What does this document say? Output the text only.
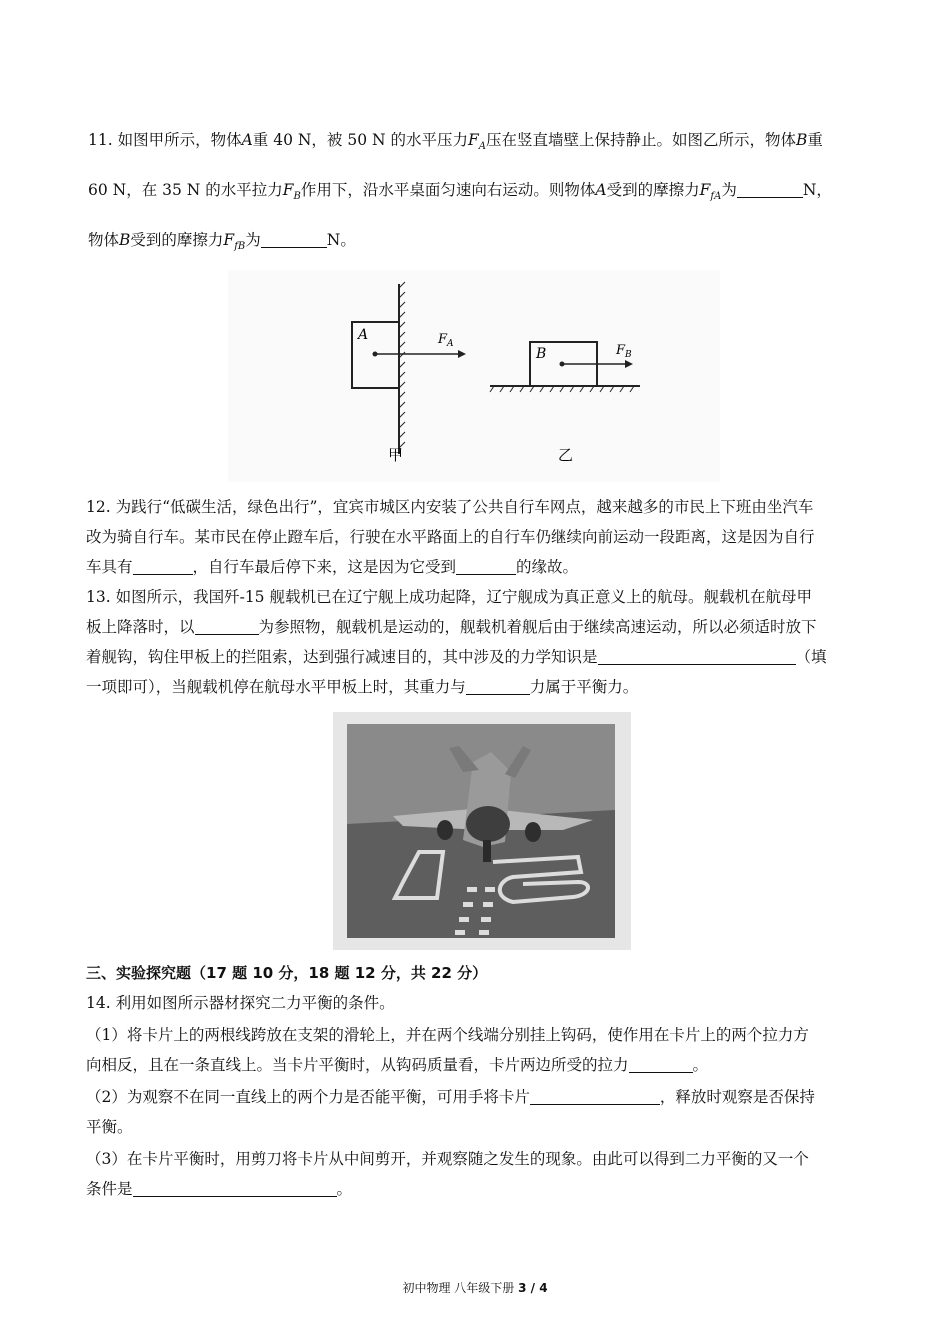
11. 如图甲所示，物体A重 40 N，被 50 N 的水平压力$F_A$压在竖直墙壁上保持静止。如图乙所示，物体B重
60 N，在 35 N 的水平拉力$F_B$作用下，沿水平桌面匀速向右运动。则物体A受到的摩擦力$F_{fA}$为	N，
物体B受到的摩擦力$F_{fB}$为	N。
A	$F_A$
甲
B	$F_B$
乙
12. 为践行“低碳生活，绿色出行”，宜宾市城区内安装了公共自行车网点，越来越多的市民上下班由坐汽车
改为骑自行车。某市民在停止蹬车后，行驶在水平路面上的自行车仍继续向前运动一段距离，这是因为自行
车具有	，自行车最后停下来，这是因为它受到	的缘故。
13. 如图所示，我国歼-15 舰载机已在辽宁舰上成功起降，辽宁舰成为真正意义上的航母。舰载机在航母甲
板上降落时，以	为参照物，舰载机是运动的，舰载机着舰后由于继续高速运动，所以必须适时放下
着舰钩，钩住甲板上的拦阻索，达到强行减速目的，其中涉及的力学知识是	（填
一项即可），当舰载机停在航母水平甲板上时，其重力与	力属于平衡力。
三、实验探究题（17 题 10 分，18 题 12 分，共 22 分）
14. 利用如图所示器材探究二力平衡的条件。
（1）将卡片上的两根线跨放在支架的滑轮上，并在两个线端分别挂上钩码，使作用在卡片上的两个拉力方
向相反，且在一条直线上。当卡片平衡时，从钩码质量看，卡片两边所受的拉力	。
（2）为观察不在同一直线上的两个力是否能平衡，可用手将卡片	，释放时观察是否保持
平衡。
（3）在卡片平衡时，用剪刀将卡片从中间剪开，并观察随之发生的现象。由此可以得到二力平衡的又一个
条件是	。
初中物理 八年级下册 3 / 4
